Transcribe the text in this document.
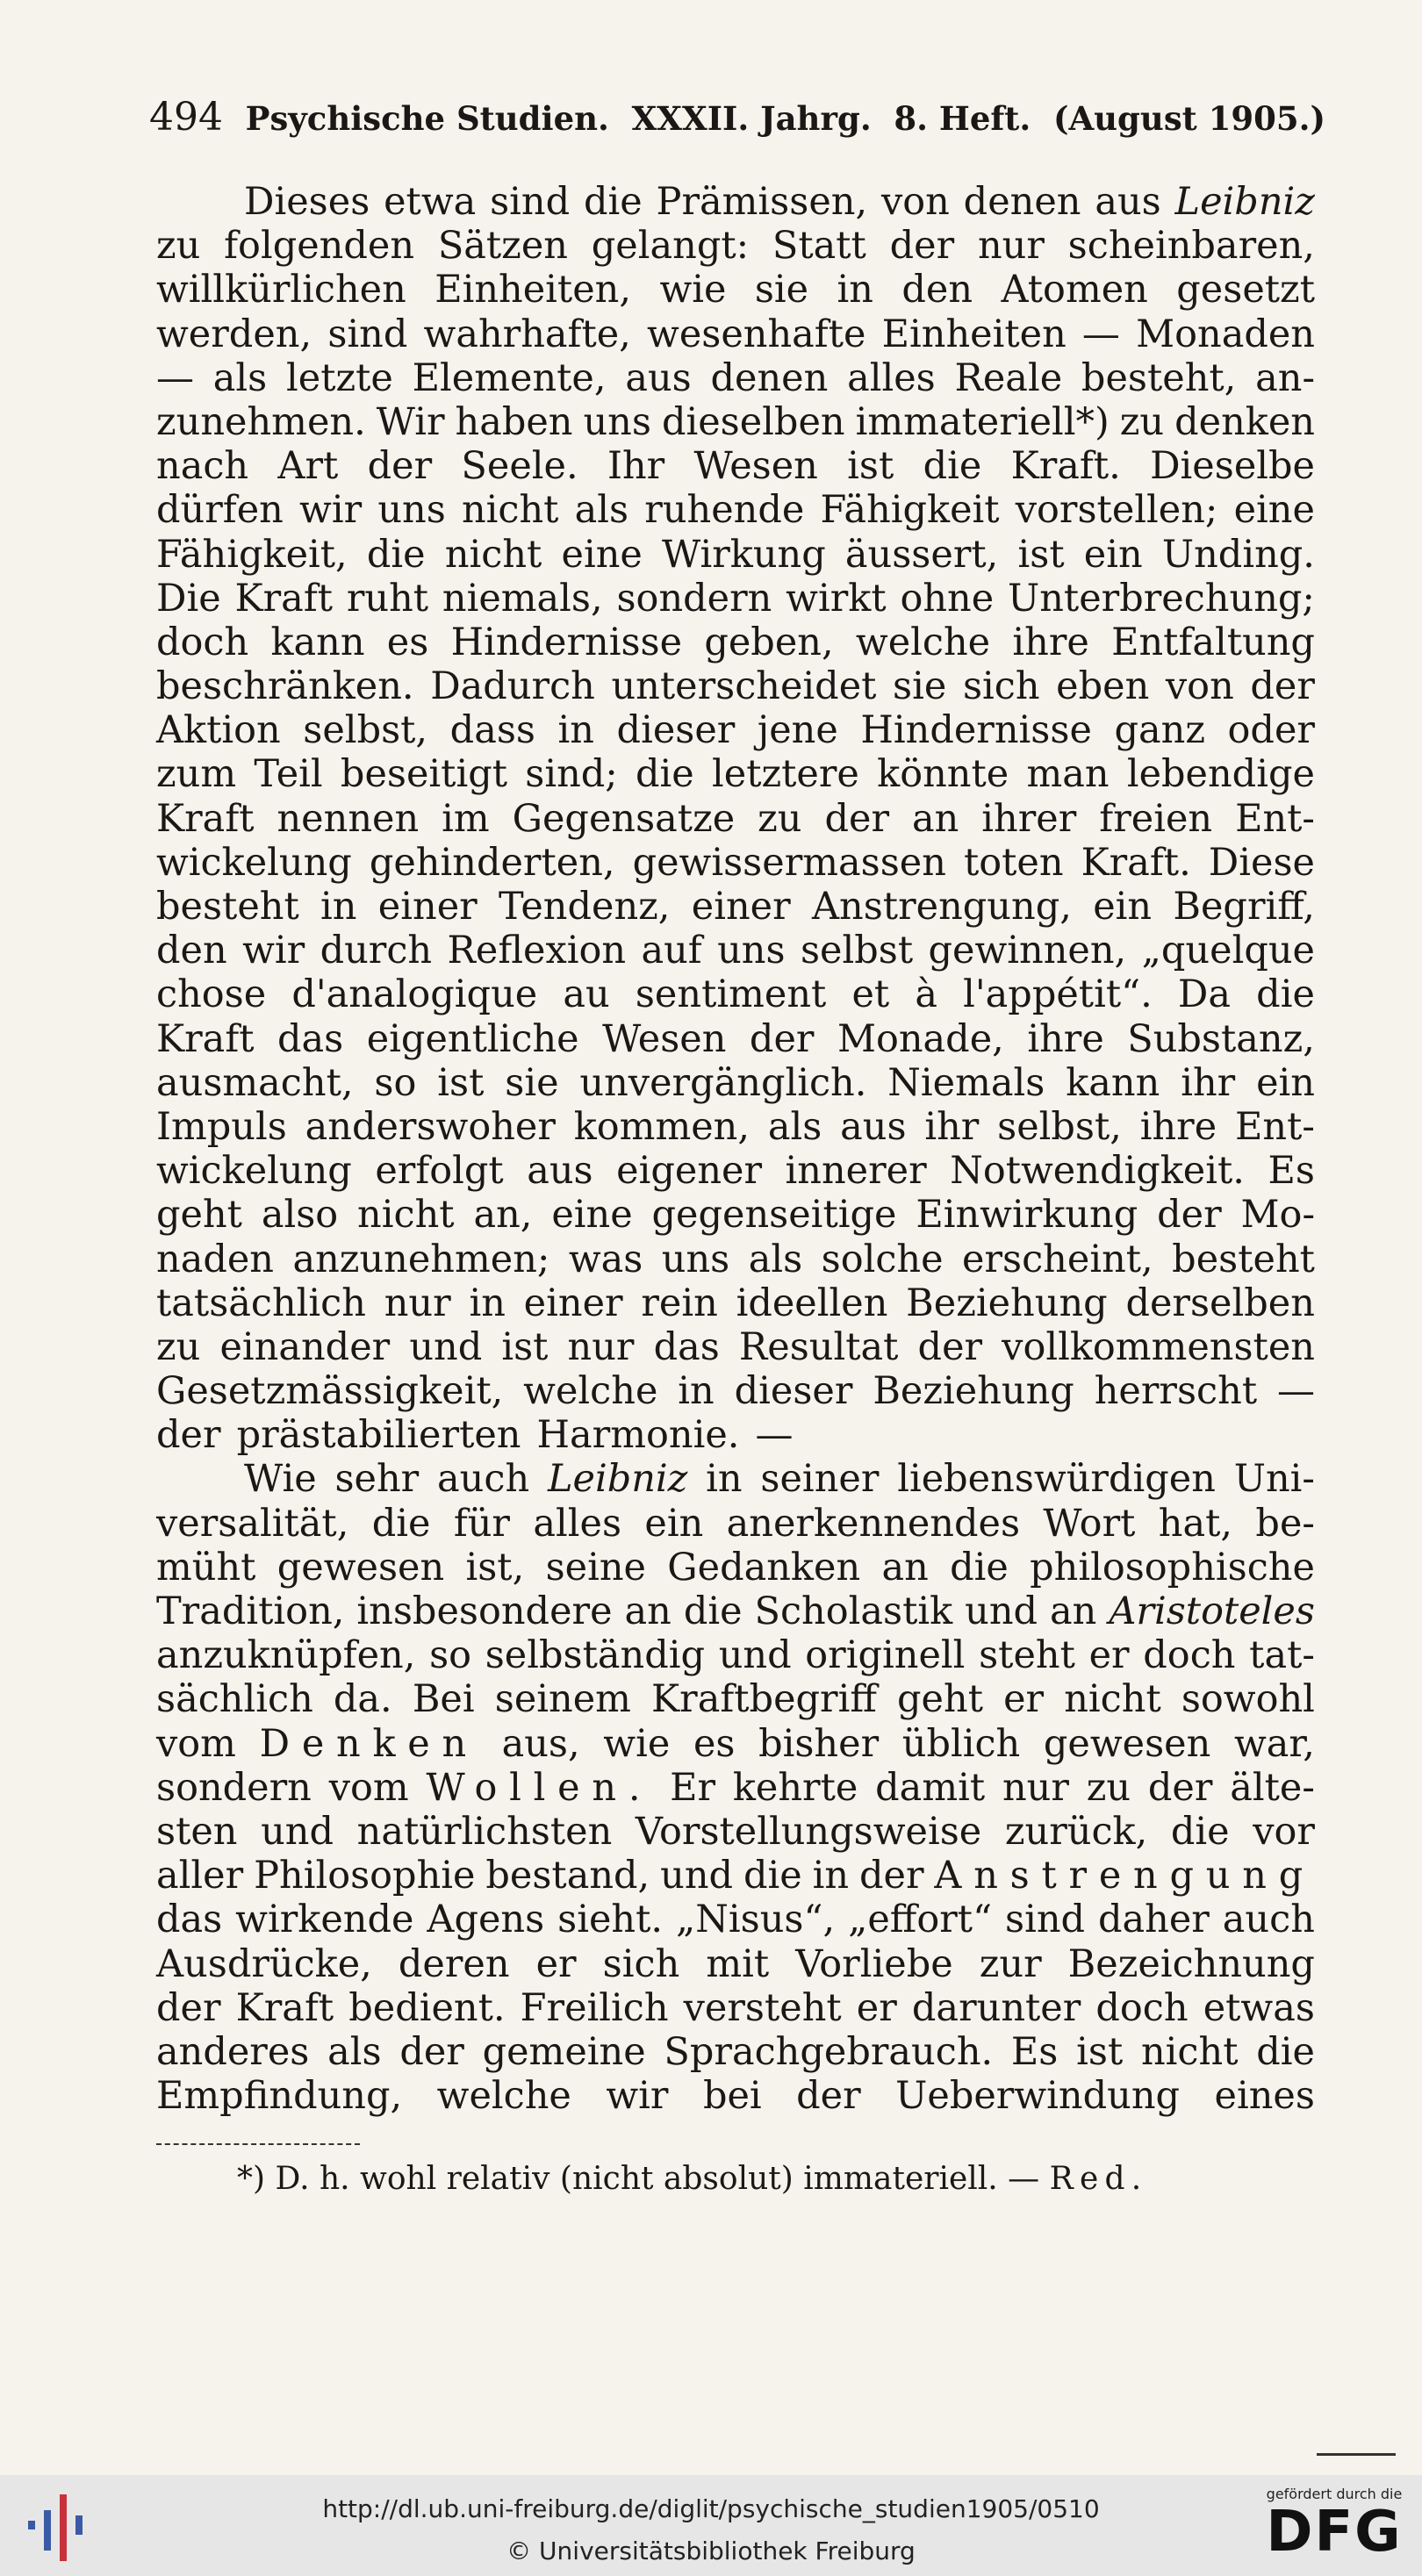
494 Psychische Studien. XXXII. Jahrg. 8. Heft. (August 1905.)
Dieses etwa sind die Prämissen, von denen aus Leibniz
zu folgenden Sätzen gelangt: Statt der nur scheinbaren,
willkürlichen Einheiten, wie sie in den Atomen gesetzt
werden, sind wahrhafte, wesenhafte Einheiten — Monaden
— als letzte Elemente, aus denen alles Reale besteht, an-
zunehmen. Wir haben uns dieselben immateriell*) zu denken
nach Art der Seele. Ihr Wesen ist die Kraft. Dieselbe
dürfen wir uns nicht als ruhende Fähigkeit vorstellen; eine
Fähigkeit, die nicht eine Wirkung äussert, ist ein Unding.
Die Kraft ruht niemals, sondern wirkt ohne Unterbrechung;
doch kann es Hindernisse geben, welche ihre Entfaltung
beschränken. Dadurch unterscheidet sie sich eben von der
Aktion selbst, dass in dieser jene Hindernisse ganz oder
zum Teil beseitigt sind; die letztere könnte man lebendige
Kraft nennen im Gegensatze zu der an ihrer freien Ent-
wickelung gehinderten, gewissermassen toten Kraft. Diese
besteht in einer Tendenz, einer Anstrengung, ein Begriff,
den wir durch Reflexion auf uns selbst gewinnen, „quelque
chose d'analogique au sentiment et à l'appétit“. Da die
Kraft das eigentliche Wesen der Monade, ihre Substanz,
ausmacht, so ist sie unvergänglich. Niemals kann ihr ein
Impuls anderswoher kommen, als aus ihr selbst, ihre Ent-
wickelung erfolgt aus eigener innerer Notwendigkeit. Es
geht also nicht an, eine gegenseitige Einwirkung der Mo-
naden anzunehmen; was uns als solche erscheint, besteht
tatsächlich nur in einer rein ideellen Beziehung derselben
zu einander und ist nur das Resultat der vollkommensten
Gesetzmässigkeit, welche in dieser Beziehung herrscht —
der prästabilierten Harmonie. —
Wie sehr auch Leibniz in seiner liebenswürdigen Uni-
versalität, die für alles ein anerkennendes Wort hat, be-
müht gewesen ist, seine Gedanken an die philosophische
Tradition, insbesondere an die Scholastik und an Aristoteles
anzuknüpfen, so selbständig und originell steht er doch tat-
sächlich da. Bei seinem Kraftbegriff geht er nicht sowohl
vom Denken aus, wie es bisher üblich gewesen war,
sondern vom Wollen. Er kehrte damit nur zu der älte-
sten und natürlichsten Vorstellungsweise zurück, die vor
aller Philosophie bestand, und die in der Anstrengung
das wirkende Agens sieht. „Nisus“, „effort“ sind daher auch
Ausdrücke, deren er sich mit Vorliebe zur Bezeichnung
der Kraft bedient. Freilich versteht er darunter doch etwas
anderes als der gemeine Sprachgebrauch. Es ist nicht die
Empfindung, welche wir bei der Ueberwindung eines
*) D. h. wohl relativ (nicht absolut) immateriell. — Red.
http://dl.ub.uni-freiburg.de/diglit/psychische_studien1905/0510
© Universitätsbibliothek Freiburg
gefördert durch die
DFG
